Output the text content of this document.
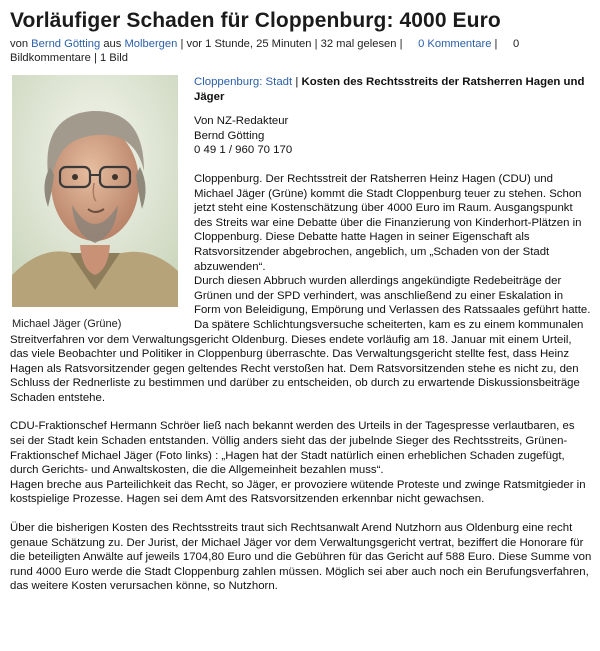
Vorläufiger Schaden für Cloppenburg: 4000 Euro
von Bernd Götting aus Molbergen | vor 1 Stunde, 25 Minuten | 32 mal gelesen | 0 Kommentare | 0 Bildkommentare | 1 Bild
Michael Jäger (Grüne)
Cloppenburg: Stadt | Kosten des Rechtsstreits der Ratsherren Hagen und Jäger
Von NZ-Redakteur
Bernd Götting
0 49 1 / 960 70 170
Cloppenburg. Der Rechtsstreit der Ratsherren Heinz Hagen (CDU) und Michael Jäger (Grüne) kommt die Stadt Cloppenburg teuer zu stehen. Schon jetzt steht eine Kostenschätzung über 4000 Euro im Raum. Ausgangspunkt des Streits war eine Debatte über die Finanzierung von Kinderhort-Plätzen in Cloppenburg. Diese Debatte hatte Hagen in seiner Eigenschaft als Ratsvorsitzender abgebrochen, angeblich, um „Schaden von der Stadt abzuwenden“.
Durch diesen Abbruch wurden allerdings angekündigte Redebeiträge der Grünen und der SPD verhindert, was anschließend zu einer Eskalation in Form von Beleidigung, Empörung und Verlassen des Ratssaales geführt hatte.
Da spätere Schlichtungsversuche scheiterten, kam es zu einem kommunalen Streitverfahren vor dem Verwaltungsgericht Oldenburg. Dieses endete vorläufig am 18. Januar mit einem Urteil, das viele Beobachter und Politiker in Cloppenburg überraschte. Das Verwaltungsgericht stellte fest, dass Heinz Hagen als Ratsvorsitzender gegen geltendes Recht verstoßen hat. Dem Ratsvorsitzenden stehe es nicht zu, den Schluss der Rednerliste zu bestimmen und darüber zu entscheiden, ob durch zu erwartende Diskussionsbeiträge Schaden entstehe.
CDU-Fraktionschef Hermann Schröer ließ nach bekannt werden des Urteils in der Tagespresse verlautbaren, es sei der Stadt kein Schaden entstanden. Völlig anders sieht das der jubelnde Sieger des Rechtsstreits, Grünen-Fraktionschef Michael Jäger (Foto links) : „Hagen hat der Stadt natürlich einen erheblichen Schaden zugefügt, durch Gerichts- und Anwaltskosten, die die Allgemeinheit bezahlen muss“.
Hagen breche aus Parteilichkeit das Recht, so Jäger, er provoziere wütende Proteste und zwinge Ratsmitgieder in kostspielige Prozesse. Hagen sei dem Amt des Ratsvorsitzenden erkennbar nicht gewachsen.
Über die bisherigen Kosten des Rechtsstreits traut sich Rechtsanwalt Arend Nutzhorn aus Oldenburg eine recht genaue Schätzung zu. Der Jurist, der Michael Jäger vor dem Verwaltungsgericht vertrat, beziffert die Honorare für die beteiligten Anwälte auf jeweils 1704,80 Euro und die Gebühren für das Gericht auf 588 Euro. Diese Summe von rund 4000 Euro werde die Stadt Cloppenburg zahlen müssen. Möglich sei aber auch noch ein Berufungsverfahren, das weitere Kosten verursachen könne, so Nutzhorn.
